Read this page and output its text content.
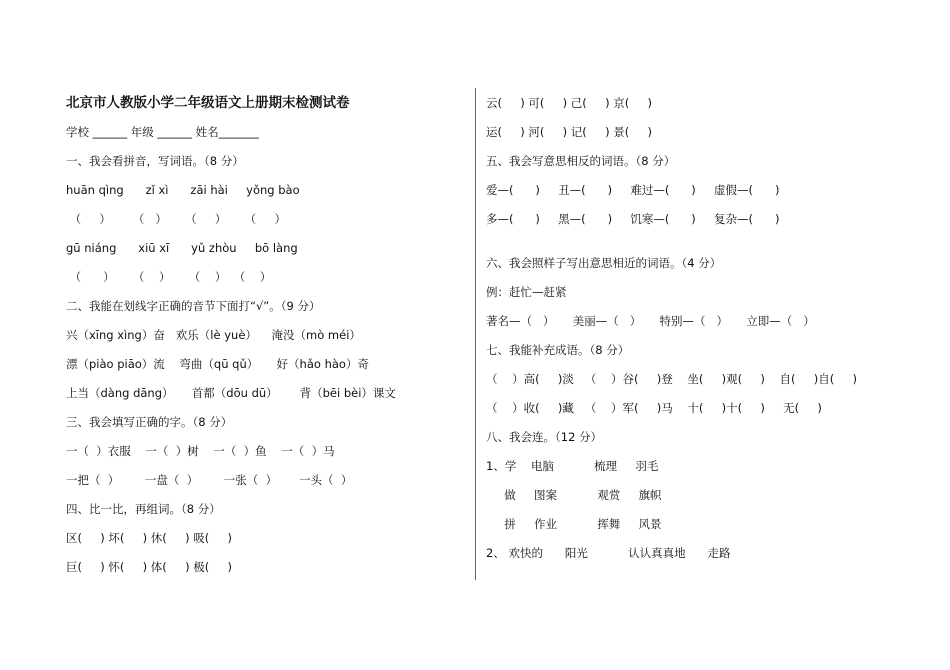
北京市人教版小学二年级语文上册期末检测试卷
学校 ______ 年级 ______ 姓名_______
一、我会看拼音，写词语。（8 分）
huān qìng      zǐ xì      zāi hài     yǒng bào
（     ）      （   ）     （     ）     （     ）
gū niáng      xiū xī      yǔ zhòu     bō làng
（      ）     （    ）     （    ）  （    ）
二、我能在划线字正确的音节下面打“√”。（9 分）
兴（xīng xìng）奋   欢乐（lè yuè）    淹没（mò méi）
漂（piào piāo）流    弯曲（qū qǔ）     好（hǎo hào）奇
上当（dàng dāng）     首都（dōu dū）      背（bēi bèi）课文
三、我会填写正确的字。（8 分）
一（  ）衣服    一（  ）树    一（  ）鱼    一（  ）马
一把（  ）       一盘（  ）       一张（  ）      一头（  ）
四、比一比，再组词。（8 分）
区(     ) 坏(     ) 休(     ) 吸(     )
巨(     ) 怀(     ) 体(     ) 极(     )
云(     ) 可(     ) 己(     ) 京(     )
运(     ) 河(     ) 记(     ) 景(     )
五、我会写意思相反的词语。（8 分）
爱—(      )     丑—(      )     难过—(      )     虚假—(      )
多—(      )     黑—(      )     饥寒—(      )     复杂—(      )
六、我会照样子写出意思相近的词语。（4 分）
例：赶忙—赶紧
著名—（   ）     美丽—（   ）     特别—（   ）     立即—（   ）
七、我能补充成语。（8 分）
（    ）高(     )淡   （    ）谷(     )登    坐(     )观(     )    自(     )自(     )
（    ）收(     )藏   （    ）军(     )马    十(     )十(     )     无(     )
八、我会连。（12 分）
1、学    电脑           梳理     羽毛
做     图案           观赏     旗帜
拼     作业           挥舞     风景
2、 欢快的      阳光           认认真真地      走路
